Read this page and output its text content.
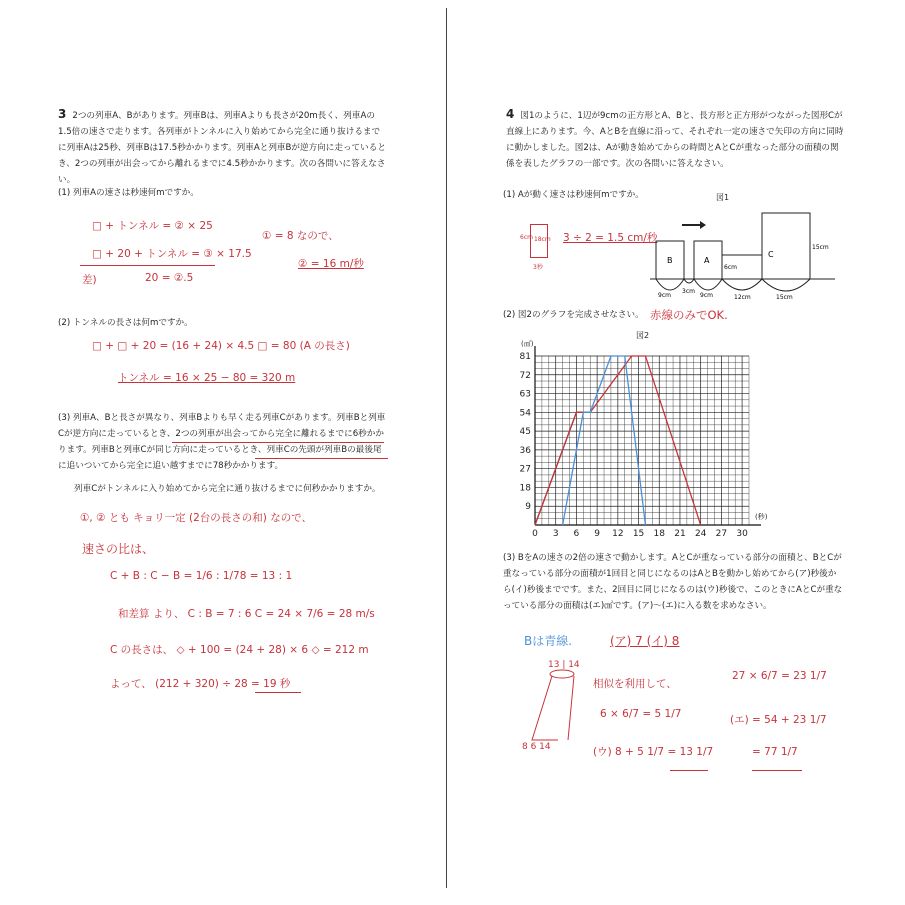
3 2つの列車A、Bがあります。列車Bは、列車Aよりも長さが20m長く、列車Aの1.5倍の速さで走ります。各列車がトンネルに入り始めてから完全に通り抜けるまでに列車Aは25秒、列車Bは17.5秒かかります。列車Aと列車Bが逆方向に走っているとき、2つの列車が出会ってから離れるまでに4.5秒かかります。次の各問いに答えなさい。
(1) 列車Aの速さは秒速何mですか。
□ + トンネル = ② × 25
□ + 20 + トンネル = ③ × 17.5
差)	20 = ②.5
① = 8 なので、
② = 16 m/秒
(2) トンネルの長さは何mですか。
□ + □ + 20 = (16 + 24) × 4.5 □ = 80 (A の長さ)
トンネル = 16 × 25 − 80 = 320 m
(3) 列車A、Bと長さが異なり、列車Bよりも早く走る列車Cがあります。列車Bと列車Cが逆方向に走っているとき、2つの列車が出会ってから完全に離れるまでに6秒かかります。列車Bと列車Cが同じ方向に走っているとき、列車Cの先頭が列車Bの最後尾に追いついてから完全に追い越すまでに78秒かかります。
列車Cがトンネルに入り始めてから完全に通り抜けるまでに何秒かかりますか。
①, ② とも キョリ一定 (2台の長さの和) なので、
速さの比は、
C + B : C − B = 1/6 : 1/78 = 13 : 1
和差算 より、 C : B = 7 : 6 C = 24 × 7/6 = 28 m/s
C の長さは、 ◇ + 100 = (24 + 28) × 6 ◇ = 212 m
よって、 (212 + 320) ÷ 28 = 19 秒
4 図1のように、1辺が9cmの正方形とA、Bと、長方形と正方形がつながった図形Cが直線上にあります。今、AとBを直線に沿って、それぞれ一定の速さで矢印の方向に同時に動かしました。図2は、Aが動き始めてからの時間とAとCが重なった部分の面積の関係を表したグラフの一部です。次の各問いに答えなさい。
(1) Aが動く速さは秒速何mですか。	図1
6cm 18cm
3秒
3 ÷ 2 = 1.5 cm/秒
B	A
C
9cm
3cm
9cm	12cm	15cm
6cm
15cm
(2) 図2のグラフを完成させなさい。 赤線のみでOK.
図2
0 3 6 9 12 15 18 21 24 27 30
9
18
27
36
45
54
63
72
81
(秒)
(㎠)
(3) BをAの速さの2倍の速さで動かします。AとCが重なっている部分の面積と、BとCが重なっている部分の面積が1回目と同じになるのはAとBを動かし始めてから(ア)秒後から(イ)秒後までです。また、2回目に同じになるのは(ウ)秒後で、このときにAとCが重なっている部分の面積は(エ)㎠です。(ア)〜(エ)に入る数を求めなさい。
Bは青線.	(ア) 7 (イ) 8
13 | 14
8 6 14
相似を利用して、
6 × 6/7 = 5 1/7
(ウ) 8 + 5 1/7 = 13 1/7
27 × 6/7 = 23 1/7
(エ) = 54 + 23 1/7
= 77 1/7
